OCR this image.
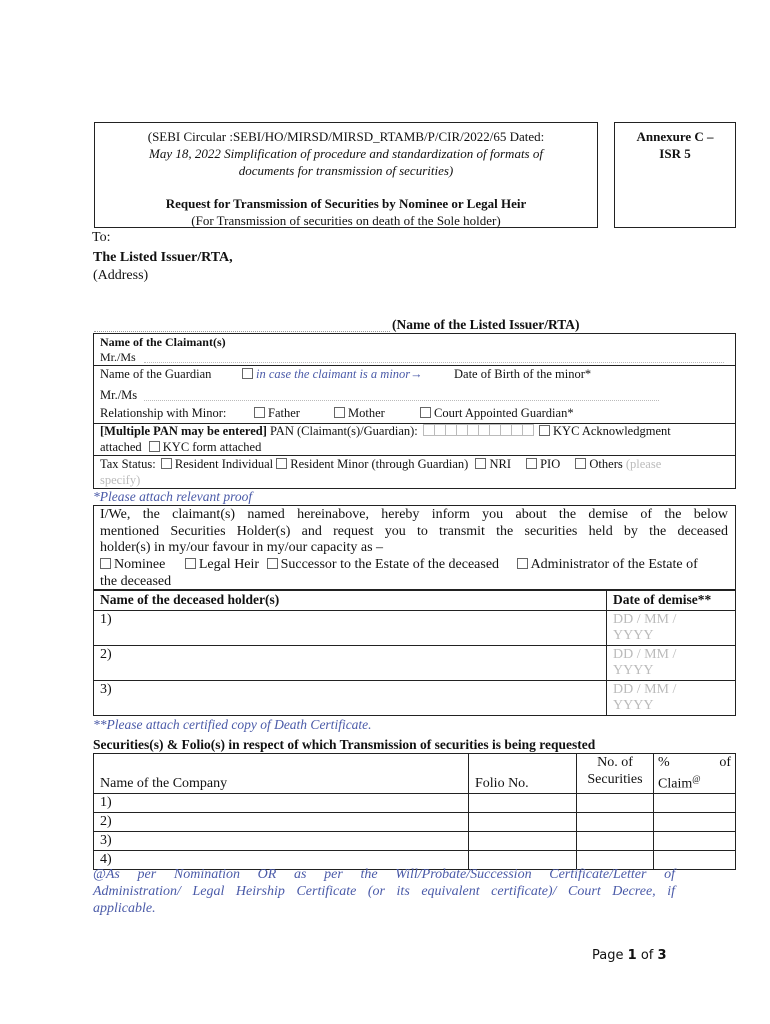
(SEBI Circular :SEBI/HO/MIRSD/MIRSD_RTAMB/P/CIR/2022/65 Dated:
May 18, 2022 Simplification of procedure and standardization of formats of
documents for transmission of securities)
Request for Transmission of Securities by Nominee or Legal Heir
(For Transmission of securities on death of the Sole holder)
Annexure C –
ISR 5
To:
The Listed Issuer/RTA,
(Address)
(Name of the Listed Issuer/RTA)
Name of the Claimant(s)
Mr./Ms
Name of the Guardian	in case the claimant is a minor→	Date of Birth of the minor*
Mr./Ms
Relationship with Minor:	Father	Mother	Court Appointed Guardian*
[Multiple PAN may be entered] PAN (Claimant(s)/Guardian):	KYC Acknowledgment
attached KYC form attached
Tax Status: Resident Individual Resident Minor (through Guardian) NRI PIO Others (please
specify)
*Please attach relevant proof
I/We, the claimant(s) named hereinabove, hereby inform you about the demise of the below
mentioned Securities Holder(s) and request you to transmit the securities held by the deceased
holder(s) in my/our favour in my/our capacity as –
Nominee Legal Heir Successor to the Estate of the deceased Administrator of the Estate of
the deceased
Name of the deceased holder(s)	Date of demise**
1)	DD / MM /
YYYY

2)	DD / MM /
YYYY

3)	DD / MM /
YYYY
**Please attach certified copy of Death Certificate.
Securities(s) & Folio(s) in respect of which Transmission of securities is being requested
Name of the Company	Folio No.	No. of
Securities	% of
Claim@

1)			
2)			
3)			
4)			
@As per Nomination OR as per the Will/Probate/Succession Certificate/Letter of
Administration/ Legal Heirship Certificate (or its equivalent certificate)/ Court Decree, if
applicable.
Page 1 of 3
